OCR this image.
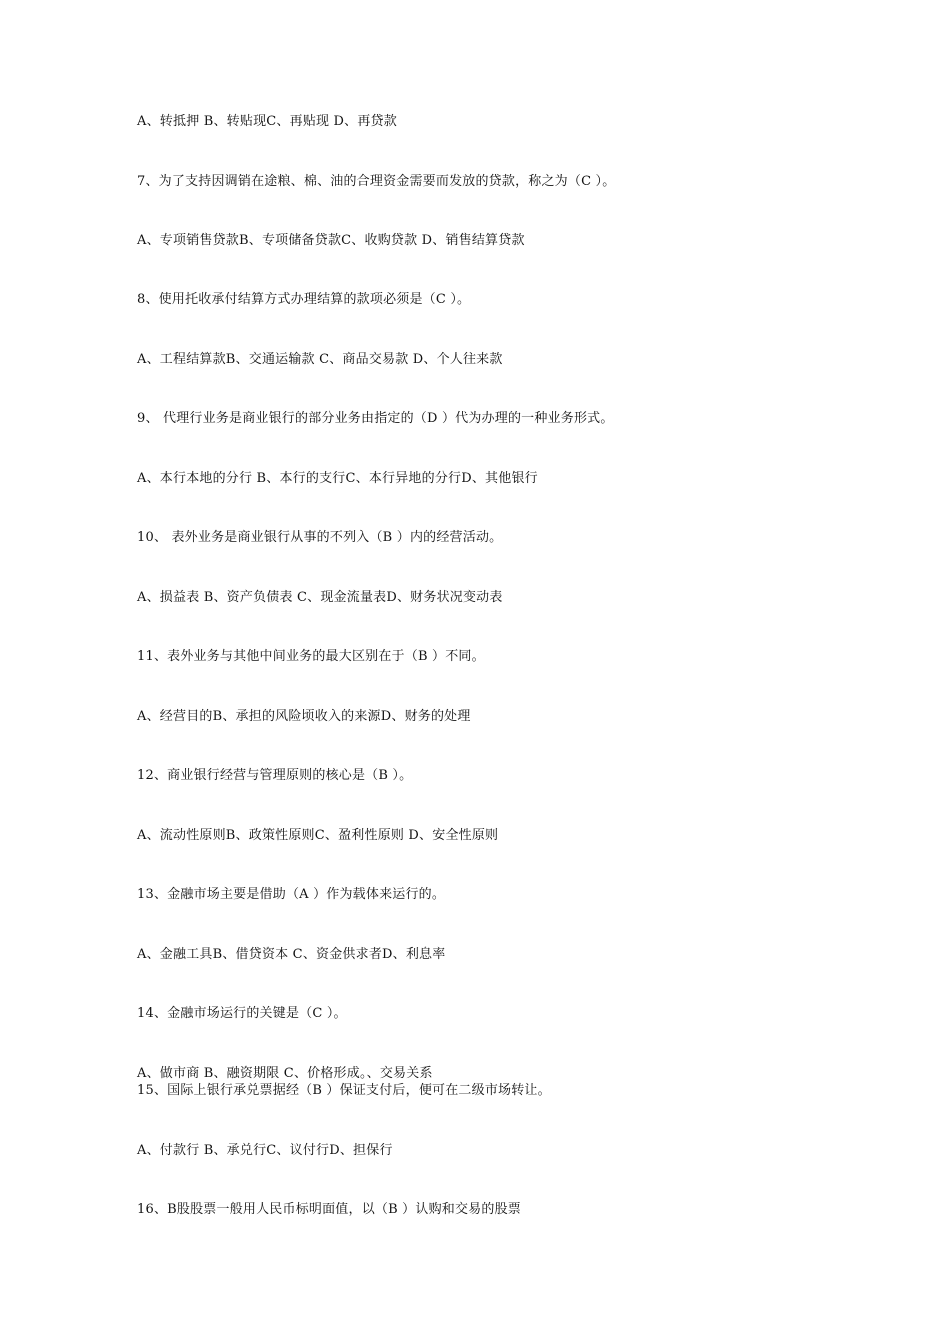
A、转抵押 B、转贴现C、再贴现 D、再贷款
7、为了支持因调销在途粮、棉、油的合理资金需要而发放的贷款，称之为（C ）。
A、专项销售贷款B、专项储备贷款C、收购贷款 D、销售结算贷款
8、使用托收承付结算方式办理结算的款项必须是（C ）。
A、工程结算款B、交通运输款 C、商品交易款 D、个人往来款
9、 代理行业务是商业银行的部分业务由指定的（D ）代为办理的一种业务形式。
A、本行本地的分行 B、本行的支行C、本行异地的分行D、其他银行
10、 表外业务是商业银行从事的不列入（B ）内的经营活动。
A、损益表 B、资产负债表 C、现金流量表D、财务状况变动表
11、表外业务与其他中间业务的最大区别在于（B ）不同。
A、经营目的B、承担的风险顷收入的来源D、财务的处理
12、商业银行经营与管理原则的核心是（B ）。
A、流动性原则B、政策性原则C、盈利性原则 D、安全性原则
13、金融市场主要是借助（A ）作为载体来运行的。
A、金融工具B、借贷资本 C、资金供求者D、利息率
14、金融市场运行的关键是（C ）。
A、做市商 B、融资期限 C、价格形成。、交易关系
15、国际上银行承兑票据经（B ）保证支付后，便可在二级市场转让。
A、付款行 B、承兑行C、议付行D、担保行
16、B股股票一般用人民币标明面值，以（B ）认购和交易的股票
